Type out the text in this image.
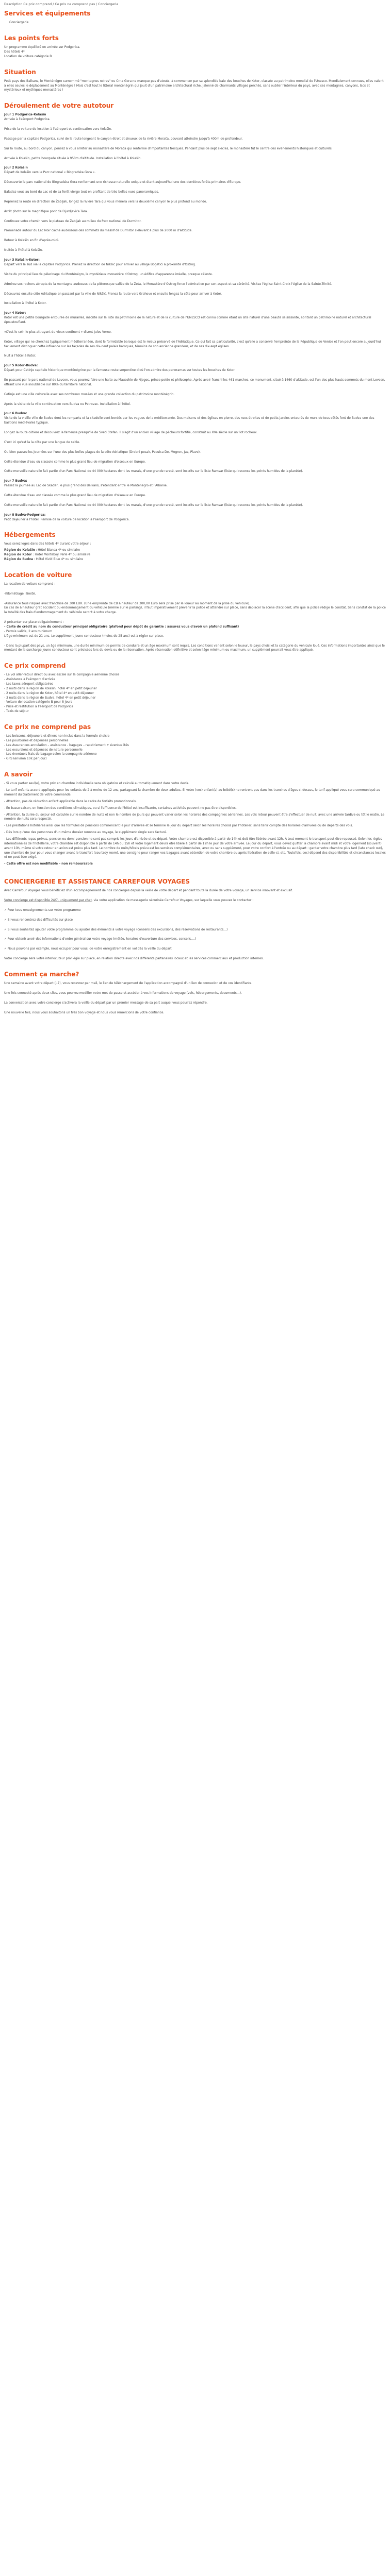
Description Ce prix comprend / Ce prix ne comprend pas / Conciergerie
Services et équipements
Conciergerie
Les points forts

Un programme équilibré en arrivée sur Podgorica.
Des hôtels 4*
Location de voiture catégorie B

Situation

Petit pays des Balkans, le Monténégro surnommé "montagnes noires" ou Crna Gora ne manque pas d'atouts, à commencer par sa splendide baie des bouches de Kotor, classée au patrimoine mondial de l'Unesco. Mondialement connues, elles valent à elles seules le déplacement au Monténégro ! Mais c'est tout le littoral monténégrin qui jouit d'un patrimoine architectural riche, jalonné de charmants villages perchés, sans oublier l'intérieur du pays, avec ses montagnes, canyons, lacs et mystérieux et mythiques monastères !

Déroulement de votre autotour
Jour 1 Podgorica-Kolašin

Arrivée à l'aéroport Podgorica.

Prise de la voiture de location à l'aéroport et continuation vers Kolašin.

Passage par la capitale Podgorica, suivi de la route longeant le canyon étroit et sinueux de la rivière Morača, pouvant atteindre jusqu'à 400m de profondeur.

Sur la route, au bord du canyon, pensez à vous arrêter au monastère de Morača qui renferme d'importantes fresques. Pendant plus de sept siècles, le monastère fut le centre des événements historiques et culturels.

Arrivée à Kolašin, petite bourgade située à 950m d'altitude. Installation à l'hôtel à Kolašin.

Jour 2 Kolašin

Départ de Kolašin vers le Parc national « Biogradska Gora ».

Découverte le parc national de Biogradska Gora renfermant une richesse naturelle unique et étant aujourd'hui une des dernières forêts primaires d'Europe.

Baladez-vous au bord du Lac et de sa forêt vierge tout en profitant de très belles vues panoramiques.

Reprenez la route en direction de Žabljak, longez la rivière Tara qui vous mènera vers la deuxième canyon le plus profond au monde.

Arrêt photo sur le magnifique pont de Djurdjevića Tara.

Continuez votre chemin vers le plateau de Žabljak au milieu du Parc national de Durmitor.

Promenade autour du Lac Noir caché audessous des sommets du massif de Durmitor s'élevant à plus de 2000 m d'altitude.

Retour à Kolašin en fin d'après-midi.

Nuitée à l'hôtel à Kolašin.

Jour 3 Kolašin-Kotor:

Départ vers le sud via la capitale Podgorica. Prenez la direction de Nikšić pour arriver au village Bogetići à proximité d'Ostrog.

Visite du principal lieu de pèlerinage du Monténégro, le mystérieux monastère d'Ostrog, un édifice d'apparence irréelle, presque céleste.

Admirez ses rochers abrupts de la montagne audessus de la pittoresque vallée de la Zeta, le Monastère d'Ostrog force l'admiration par son aspect et sa sérénité. Visitez l'église Saint-Croix l'église de la Sainte-Trinité.

Découvrez ensuite côte Adriatique en passant par la ville de Nikšić. Prenez la route vers Grahovo et ensuite longez la côte pour arriver à Kotor.

Installation à l'hôtel à Kotor.

Jour 4 Kotor:

Kotor est une petite bourgade entourée de murailles, inscrite sur la liste du patrimoine de la nature et de la culture de l'UNESCO est connu comme étant un site naturel d'une beauté saisissante, abritant un patrimoine naturel et architectural époustouflant.

«C'est le coin le plus attrayant du vieux continent » disent Jules Verne.

Kotor, village qui ne cherchez typiquement méditerranéen, dont le formidable baroque est le mieux préservé de l'Adriatique. Ce qui fait sa particularité, c'est qu'elle a conservé l'empreinte de la République de Venise et l'on peut encore aujourd'hui facilement distinguer cette influence sur les façades de ses dix-neuf palais baroques, témoins de son ancienne grandeur, et de ses dix-sept églises.

Nuit à l'hôtel à Kotor.

Jour 5 Kotor-Budva:

Départ pour Cetinje capitale historique monténégrine par la fameuse route serpentine d'où l'on admire des panoramas sur toutes les bouches de Kotor.

En passant par le parc national de Lovcen, vous pourrez faire une halte au Mausolée de Njegos, prince poète et philosophe. Après avoir franchi les 461 marches, ce monument, situé à 1660 d'altitude, est l'un des plus hauts sommets du mont Lovcen, offrant une vue inoubliable sur 80% du territoire national.

Cetinje est une ville culturelle avec ses nombreux musées et une grande collection du patrimoine monténégrin.

Après la visite de la ville continuation vers Budva ou Petrovac. Installation à l'hôtel.

Jour 6 Budva:

Visite de la vieille ville de Budva dont les remparts et la citadelle sont bordés par les vagues de la méditerranée. Des maisons et des églises en pierre, des rues étroites et de petits jardins entourés de murs de tous côtés font de Budva une des bastions médiévales typique.

Longez la route côtière et découvrez la fameuse presqu'île de Sveti Stefan. Il s'agit d'un ancien village de pêcheurs fortifié, construit au XVe siècle sur un îlot rocheux.

C'est ici qu'est la la côte par une langue de sable.

Ou bien passez les journées sur l'une des plus belles plages de la côte Adriatique (Drobni pesak, Pecuica Do, Mogren, Jaz, Plave).

Cette étendue d'eau où s'assoie comme le plus grand lieu de migration d'oiseaux en Europe.

Cette merveille naturelle fait partie d'un Parc National de 44 000 hectares dont les marais, d'une grande rareté, sont inscrits sur la liste Ramsar (liste qui recense les points humides de la planète).

Jour 7 Budva:

Passez la journée au Lac de Skadar, le plus grand des Balkans, s'étendant entre le Monténégro et l'Albanie.

Cette étendue d'eau est classée comme le plus grand lieu de migration d'oiseaux en Europe.

Cette merveille naturelle fait partie d'un Parc National de 44 000 hectares dont les marais, d'une grande rareté, sont inscrits sur la liste Ramsar (liste qui recense les points humides de la planète).

Jour 8 Budva-Podgorica:

Petit déjeuner à l'hôtel. Remise de la voiture de location à l'aéroport de Podgorica.

Hébergements

Vous serez logés dans des hôtels 4* durant votre séjour :

Région de Kolašin : Hôtel Bianca 4* ou similaire
Région de Kotor : Hôtel Monteboy Perle 4* ou similaire
Région de Budva : Hôtel Vivid Blue 4* ou similaire

Location de voiture

La location de voiture comprend :

-Kilométrage illimité.

-Assurance tous risques avec franchise de 300 EUR. (Une empreinte de CB à hauteur de 300,00 Euro sera prise par le loueur au moment de la prise du véhicule).
En cas de à hauteur grat accident ou endommagement du véhicule (même sur le parking), il faut impérativement prévenir la police et attendre sur place, sans déplacer la scène d'accident, afin que la police rédige le constat. Sans constat de la police la totalité des frais d'endommagement du véhicule seront à votre charge.

À présenter sur place obligatoirement :
- Carte de crédit au nom du conducteur principal obligatoire (plafond pour dépôt de garantie : assurez vous d'avoir un plafond suffisant)
- Permis valide, 2 ans minimum
L'âge minimum est de 21 ans. Le supplément jeune conducteur (moins de 25 ans) est à régler sur place.

- Dans la plupart des pays, un âge minimum, une durée minimum de permis de conduire et un âge maximum sont requis. Les conditions varient selon le loueur, le pays choisi et la catégorie du véhicule loué. Ces informations importantes ainsi que le montant de la surcharge jeune conducteur sont précisées lors du devis ou de la réservation. Après réservation définitive et selon l'âge minimum ou maximum, un supplément pourrait vous être appliqué.

Ce prix comprend

- Le vol aller-retour direct ou avec escale sur la compagnie aérienne choisie
- Assistance à l'aéroport d'arrivée
- Les taxes aéroport obligatoires
- 2 nuits dans la région de Kolašin, hôtel 4* en petit déjeuner
- 2 nuits dans la région de Kotor, hôtel 4* en petit déjeuner
- 3 nuits dans la région de Budva, hôtel 4* en petit déjeuner
- Voiture de location catégorie B pour 8 jours
- Prise et restitution à l'aéroport de Podgorica
- Taxis de séjour

Ce prix ne comprend pas

- Les boissons, déjeuners et dîners non inclus dans la formule choisie
- Les pourboires et dépenses personnelles
- Les Assurances annulation – assistance - bagages – rapatriement + éventualités
- Les excursions et dépenses de nature personnelle
- Les éventuels frais de bagage selon la compagnie aérienne
- GPS (environ 10€ par jour)

A savoir

- Si vous partez seul(e), votre prix en chambre individuelle sera obligatoire et calculé automatiquement dans votre devis.
- Le tarif enfants accord appliqués pour les enfants de 2 à moins de 12 ans, partageant la chambre de deux adultes. Si votre (vos) enfant(s) au bébé(s) ne rentrent pas dans les tranches d'âges ci-dessus, le tarif appliqué vous sera communiqué au moment du traitement de votre commande.
- Attention, pas de réduction enfant applicable dans le cadre de forfaits promotionnels.
- En basse saison, en fonction des conditions climatiques, ou si l'affluence de l'hôtel est insuffisante, certaines activités peuvent ne pas être disponibles.
- Attention, la durée du séjour est calculée sur le nombre de nuits et non le nombre de jours qui peuvent varier selon les horaires des compagnies aériennes. Les vols retour peuvent être s'effectuer de nuit, avec une arrivée tardive ou tôt le matin. Le nombre de nuits sera respecté.
- Les prestations hôtelières ainsi que les formules de pensions commencent le jour d'arrivée et se termine le jour du départ selon les horaires choisis par l'hôtelier, sans tenir compte des horaires d'arrivées ou de départs des vols.
- Dès lors qu'une des personnes d'un même dossier renonce au voyage, le supplément single sera facturé.
- Les différents repas prévus, pension ou demi-pension ne sont pas compris les jours d'arrivée et du départ. Votre chambre est disponible à partir de 14h et doit être libérée avant 12h. À tout moment le transport peut être repoussé. Selon les règles internationales de l'hôtellerie, votre chambre est disponible à partir de 14h ou 15h et votre logement devra être libéré à partir de 12h le jour de votre arrivée. Le jour du départ, vous devez quitter la chambre avant midi et votre logement (souvent) avant 10h, même si votre retour en avion est prévu plus tard. Le nombre de nuits/hôtels prévu est les services complémentaires, avec ou sans supplément, pour votre confort à l'entrée ou au départ : garder votre chambre plus tard (late check out), une chambre de jour pour vous changer avant le transfert (courtesy room), une consigne pour ranger vos bagages avant obtention de votre chambre ou après libération de celle-ci, etc. Toutefois, ceci dépend des disponibilités et circonstances locales et ne peut être exigé.
- Cette offre est non modifiable – non remboursable

CONCIERGERIE ET ASSISTANCE CARREFOUR VOYAGES

Avec Carrefour Voyages vous bénéficiez d'un accompagnement de nos concierges depuis la veille de votre départ et pendant toute la durée de votre voyage, un service innovant et exclusif.

Votre concierge est disponible 24/7, uniquement par chat, via votre application de messagerie sécurisée Carrefour Voyages, sur laquelle vous pouvez le contacter :

✓ Pour tous renseignements sur votre programme

✓ Si vous rencontrez des difficultés sur place

✓ Si vous souhaitez ajouter votre programme ou ajouter des éléments à votre voyage (conseils des excursions, des réservations de restaurants…)

✓ Pour obtenir avoir des informations d'ordre général sur votre voyage (météo, horaires d'ouverture des services, conseils….)

✓ Nous pouvons par exemple, nous occuper pour vous, de votre enregistrement en vol dès la veille du départ

Votre concierge sera votre interlocuteur privilégié sur place, en relation directe avec nos différents partenaires locaux et les services commerciaux et production internes.

Comment ça marche?

Une semaine avant votre départ (J-7), vous recevrez par mail, le lien de téléchargement de l'application accompagné d'un lien de connexion et de vos identifiants.

Une fois connecté après deux clics, vous pourrez modifier votre mot de passe et accéder à vos informations de voyage (vols, hébergements, documents…).

La conversation avec votre concierge s'activera la veille du départ par un premier message de sa part auquel vous pourrez répondre.

Une nouvelle fois, nous vous souhaitons un très bon voyage et nous vous remercions de votre confiance.
